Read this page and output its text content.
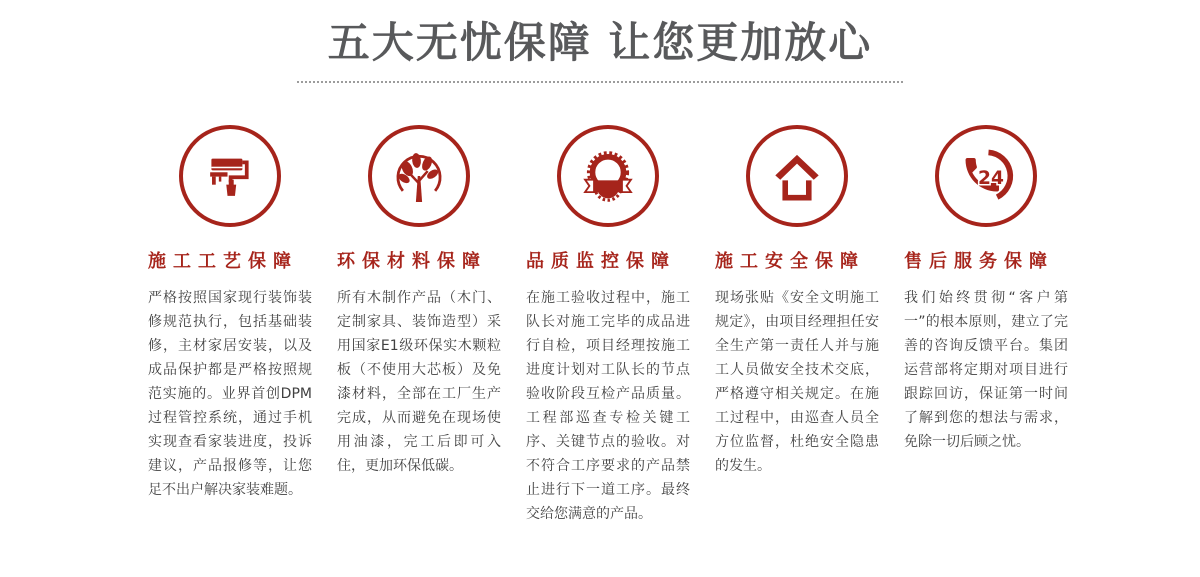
五大无忧保障 让您更加放心
施工工艺保障
严格按照国家现行装饰装修规范执行，包括基础装修，主材家居安装，以及成品保护都是严格按照规范实施的。业界首创DPM过程管控系统，通过手机实现查看家装进度，投诉建议，产品报修等，让您足不出户解决家装难题。
环保材料保障
所有木制作产品（木门、定制家具、装饰造型）采用国家E1级环保实木颗粒板（不使用大芯板）及免漆材料，全部在工厂生产完成，从而避免在现场使用油漆，完工后即可入住，更加环保低碳。
品质监控保障
在施工验收过程中，施工队长对施工完毕的成品进行自检，项目经理按施工进度计划对工队长的节点验收阶段互检产品质量。工程部巡查专检关键工序、关键节点的验收。对不符合工序要求的产品禁止进行下一道工序。最终交给您满意的产品。
施工安全保障
现场张贴《安全文明施工规定》，由项目经理担任安全生产第一责任人并与施工人员做安全技术交底，严格遵守相关规定。在施工过程中，由巡查人员全方位监督，杜绝安全隐患的发生。
24
售后服务保障
我们始终贯彻“客户第一”的根本原则，建立了完善的咨询反馈平台。集团运营部将定期对项目进行跟踪回访，保证第一时间了解到您的想法与需求，免除一切后顾之忧。
